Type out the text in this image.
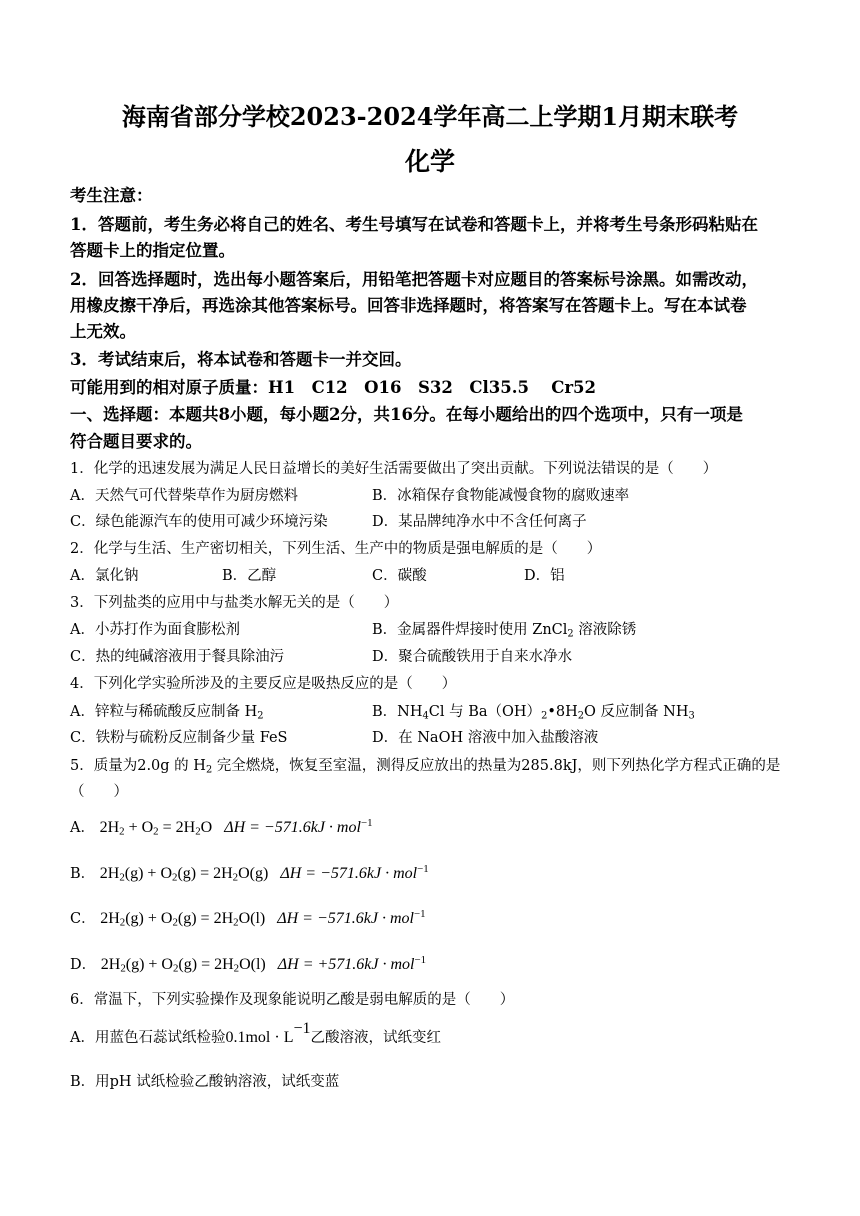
海南省部分学校2023-2024学年高二上学期1月期末联考
化学
考生注意：
1．答题前，考生务必将自己的姓名、考生号填写在试卷和答题卡上，并将考生号条形码粘贴在
答题卡上的指定位置。
2．回答选择题时，选出每小题答案后，用铅笔把答题卡对应题目的答案标号涂黑。如需改动，
用橡皮擦干净后，再选涂其他答案标号。回答非选择题时，将答案写在答题卡上。写在本试卷
上无效。
3．考试结束后，将本试卷和答题卡一并交回。
可能用到的相对原子质量：H1　C12　O16　S32　Cl35.5　 Cr52
一、选择题：本题共8小题，每小题2分，共16分。在每小题给出的四个选项中，只有一项是
符合题目要求的。
1．化学的迅速发展为满足人民日益增长的美好生活需要做出了突出贡献。下列说法错误的是（　　）
A．天然气可代替柴草作为厨房燃料	B．冰箱保存食物能减慢食物的腐败速率
C．绿色能源汽车的使用可减少环境污染	D．某品牌纯净水中不含任何离子
2．化学与生活、生产密切相关，下列生活、生产中的物质是强电解质的是（　　）
A．氯化钠	B．乙醇	C．碳酸	D．铝
3．下列盐类的应用中与盐类水解无关的是（　　）
A．小苏打作为面食膨松剂	B．金属器件焊接时使用 ZnCl$_2$ 溶液除锈
C．热的纯碱溶液用于餐具除油污	D．聚合硫酸铁用于自来水净水
4．下列化学实验所涉及的主要反应是吸热反应的是（　　）
A．锌粒与稀硫酸反应制备 $H_2$	B．$NH_4Cl$ 与 $Ba(OH)_2•8H_2O$ 反应制备 $NH_3$
C．铁粉与硫粉反应制备少量 FeS	D．在 NaOH 溶液中加入盐酸溶液
5．质量为2.0g 的 $H_2$ 完全燃烧，恢复至室温，测得反应放出的热量为285.8kJ，则下列热化学方程式正确的是
（　　）
A． $2H_2 + O_2 = 2H_2O$   ΔH = −571.6kJ · mol$^{-1}$
B． $2H_2(g) + O_2(g) = 2H_2O(g) \Delta H = -571.6kJ \cdot mol^{-1}$
C． $2H_2(g) + O_2(g) = 2H_2O(l) \Delta H = -571.6kJ \cdot mol^{-1}$
D． $2H_2(g) + O_2(g) = 2H_2O(l) \Delta H = +571.6kJ \cdot mol^{-1}$
6．常温下，下列实验操作及现象能说明乙酸是弱电解质的是（　　）
A．用蓝色石蕊试纸检验$0.1mol \cdot L^{-1}$乙酸溶液，试纸变红
B．用pH 试纸检验乙酸钠溶液，试纸变蓝
